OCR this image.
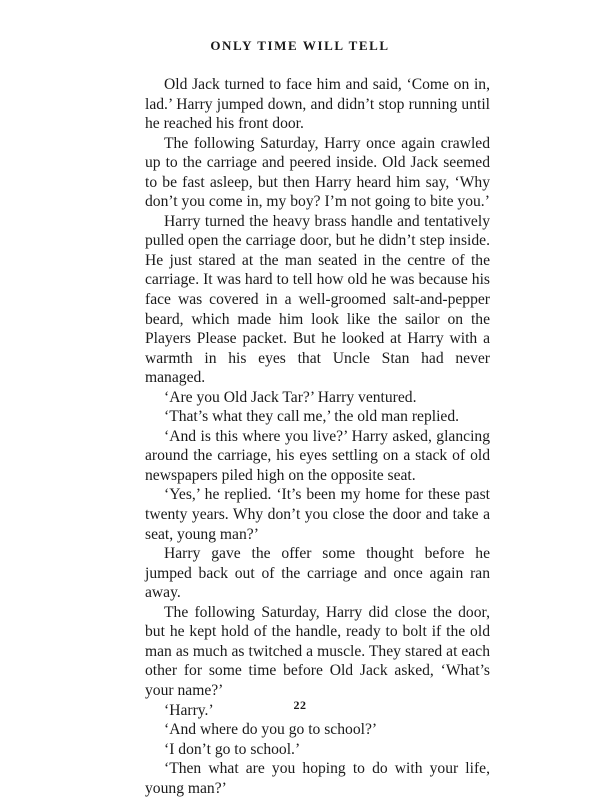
ONLY TIME WILL TELL

Old Jack turned to face him and said, ‘Come on in, lad.’ Harry jumped down, and didn’t stop running until he reached his front door.

The following Saturday, Harry once again crawled up to the carriage and peered inside. Old Jack seemed to be fast asleep, but then Harry heard him say, ‘Why don’t you come in, my boy? I’m not going to bite you.’

Harry turned the heavy brass handle and tentatively pulled open the carriage door, but he didn’t step inside. He just stared at the man seated in the centre of the carriage. It was hard to tell how old he was because his face was covered in a well-groomed salt-and-pepper beard, which made him look like the sailor on the Players Please packet. But he looked at Harry with a warmth in his eyes that Uncle Stan had never managed.

‘Are you Old Jack Tar?’ Harry ventured.

‘That’s what they call me,’ the old man replied.

‘And is this where you live?’ Harry asked, glancing around the carriage, his eyes settling on a stack of old newspapers piled high on the opposite seat.

‘Yes,’ he replied. ‘It’s been my home for these past twenty years. Why don’t you close the door and take a seat, young man?’

Harry gave the offer some thought before he jumped back out of the carriage and once again ran away.

The following Saturday, Harry did close the door, but he kept hold of the handle, ready to bolt if the old man as much as twitched a muscle. They stared at each other for some time before Old Jack asked, ‘What’s your name?’

‘Harry.’

‘And where do you go to school?’

‘I don’t go to school.’

‘Then what are you hoping to do with your life, young man?’

22
